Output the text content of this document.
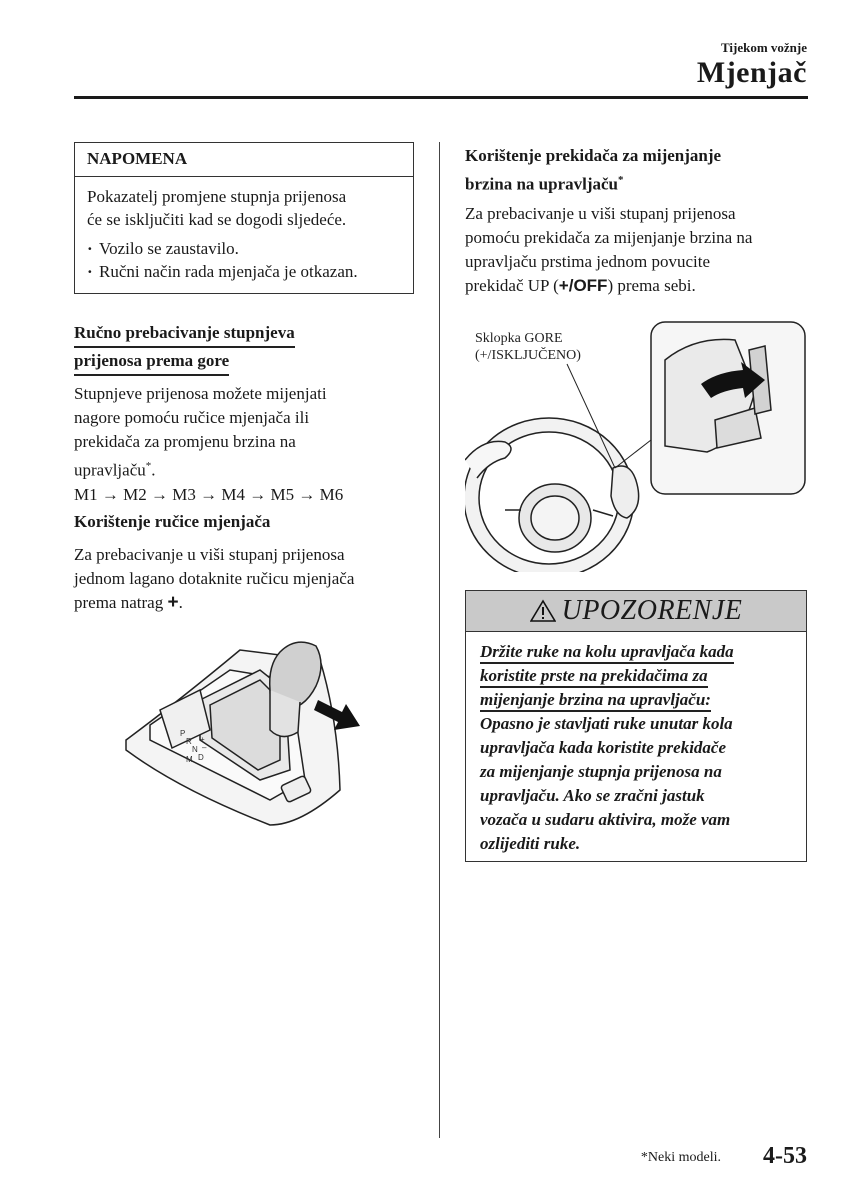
Tijekom vožnje
Mjenjač
NAPOMENA
Pokazatelj promjene stupnja prijenosa
će se isključiti kad se dogodi sljedeće.
· Vozilo se zaustavilo.
· Ručni način rada mjenjača je otkazan.
Ručno prebacivanje stupnjeva
prijenosa prema gore
Stupnjeve prijenosa možete mijenjati
nagore pomoću ručice mjenjača ili
prekidača za promjenu brzina na
upravljaču*.
M1 → M2 → M3 → M4 → M5 → M6
Korištenje ručice mjenjača
Za prebacivanje u viši stupanj prijenosa
jednom lagano dotaknite ručicu mjenjača
prema natrag +.
P
R
N
D
M
+
–
Korištenje prekidača za mijenjanje
brzina na upravljaču*
Za prebacivanje u viši stupanj prijenosa
pomoću prekidača za mijenjanje brzina na
upravljaču prstima jednom povucite
prekidač UP (+/OFF) prema sebi.
Sklopka GORE
(+/ISKLJUČENO)
UPOZORENJE
Držite ruke na kolu upravljača kada
koristite prste na prekidačima za
mijenjanje brzina na upravljaču:
Opasno je stavljati ruke unutar kola
upravljača kada koristite prekidače
za mijenjanje stupnja prijenosa na
upravljaču. Ako se zračni jastuk
vozača u sudaru aktivira, može vam
ozlijediti ruke.
*Neki modeli. 4-53
